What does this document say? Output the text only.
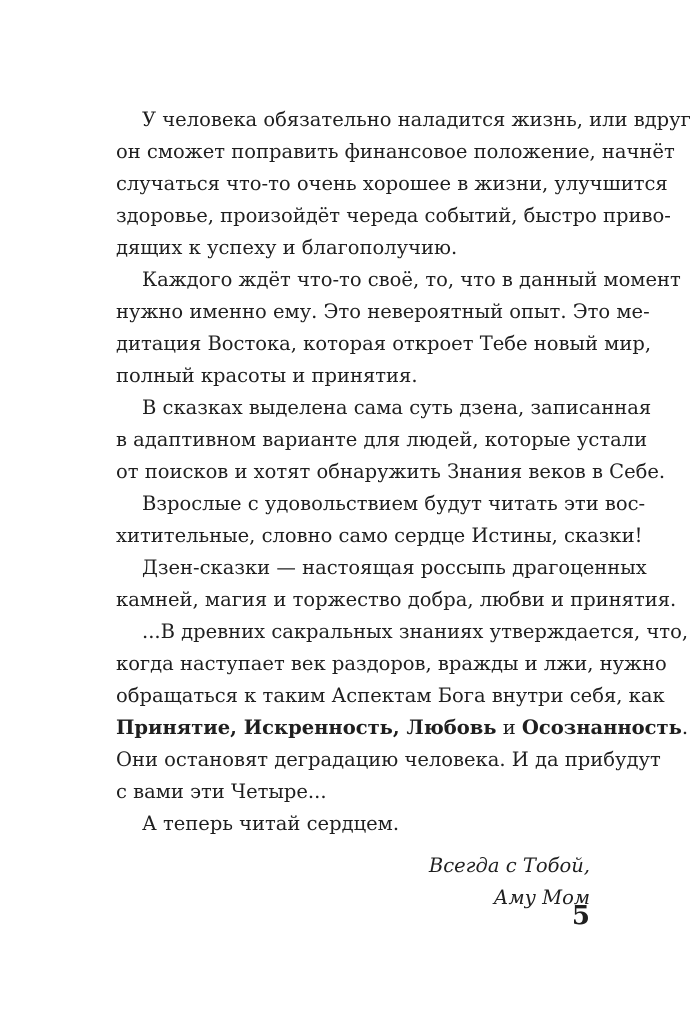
У человека обязательно наладится жизнь, или вдруг
он сможет поправить финансовое положение, начнёт
случаться что-то очень хорошее в жизни, улучшится
здоровье, произойдёт череда событий, быстро приво-
дящих к успеху и благополучию.
Каждого ждёт что-то своё, то, что в данный момент
нужно именно ему. Это невероятный опыт. Это ме-
дитация Востока, которая откроет Тебе новый мир,
полный красоты и принятия.
В сказках выделена сама суть дзена, записанная
в адаптивном варианте для людей, которые устали
от поисков и хотят обнаружить Знания веков в Себе.
Взрослые с удовольствием будут читать эти вос-
хитительные, словно само сердце Истины, сказки!
Дзен-сказки — настоящая россыпь драгоценных
камней, магия и торжество добра, любви и принятия.
...В древних сакральных знаниях утверждается, что,
когда наступает век раздоров, вражды и лжи, нужно
обращаться к таким Аспектам Бога внутри себя, как
Принятие, Искренность, Любовь и Осознанность.
Они остановят деградацию человека. И да прибудут
с вами эти Четыре...
А теперь читай сердцем.
Всегда с Тобой,
Аму Мом
5
